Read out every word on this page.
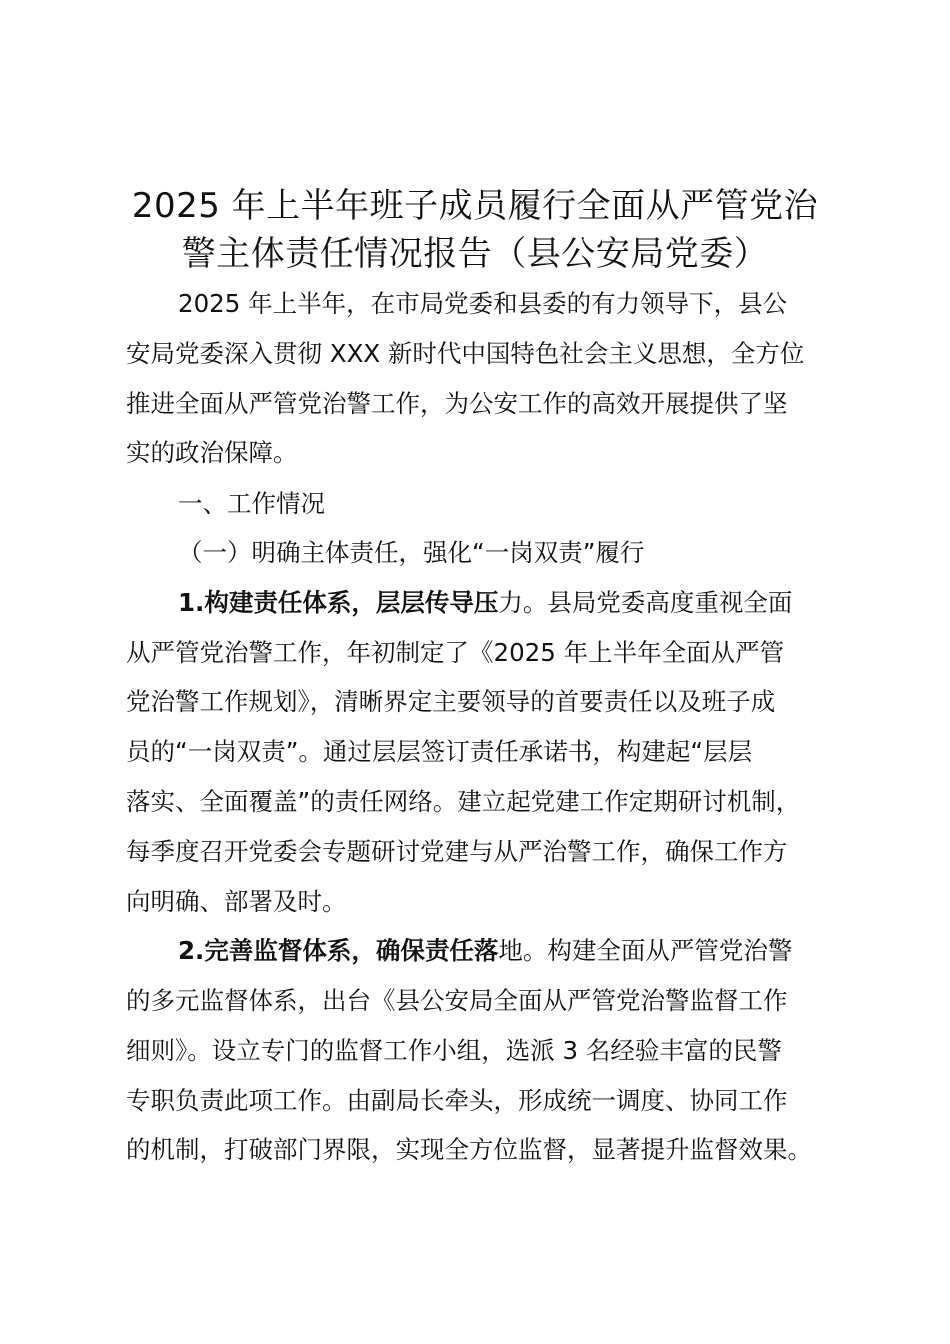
2025 年上半年班子成员履行全面从严管党治
警主体责任情况报告（县公安局党委）
2025 年上半年，在市局党委和县委的有力领导下，县公
安局党委深入贯彻 XXX 新时代中国特色社会主义思想，全方位
推进全面从严管党治警工作，为公安工作的高效开展提供了坚
实的政治保障。
一、工作情况
（一）明确主体责任，强化“一岗双责”履行
1.构建责任体系，层层传导压力。县局党委高度重视全面
从严管党治警工作，年初制定了《2025 年上半年全面从严管
党治警工作规划》，清晰界定主要领导的首要责任以及班子成
员的“一岗双责”。通过层层签订责任承诺书，构建起“层层
落实、全面覆盖”的责任网络。建立起党建工作定期研讨机制，
每季度召开党委会专题研讨党建与从严治警工作，确保工作方
向明确、部署及时。
2.完善监督体系，确保责任落地。构建全面从严管党治警
的多元监督体系，出台《县公安局全面从严管党治警监督工作
细则》。设立专门的监督工作小组，选派 3 名经验丰富的民警
专职负责此项工作。由副局长牵头，形成统一调度、协同工作
的机制，打破部门界限，实现全方位监督，显著提升监督效果。
